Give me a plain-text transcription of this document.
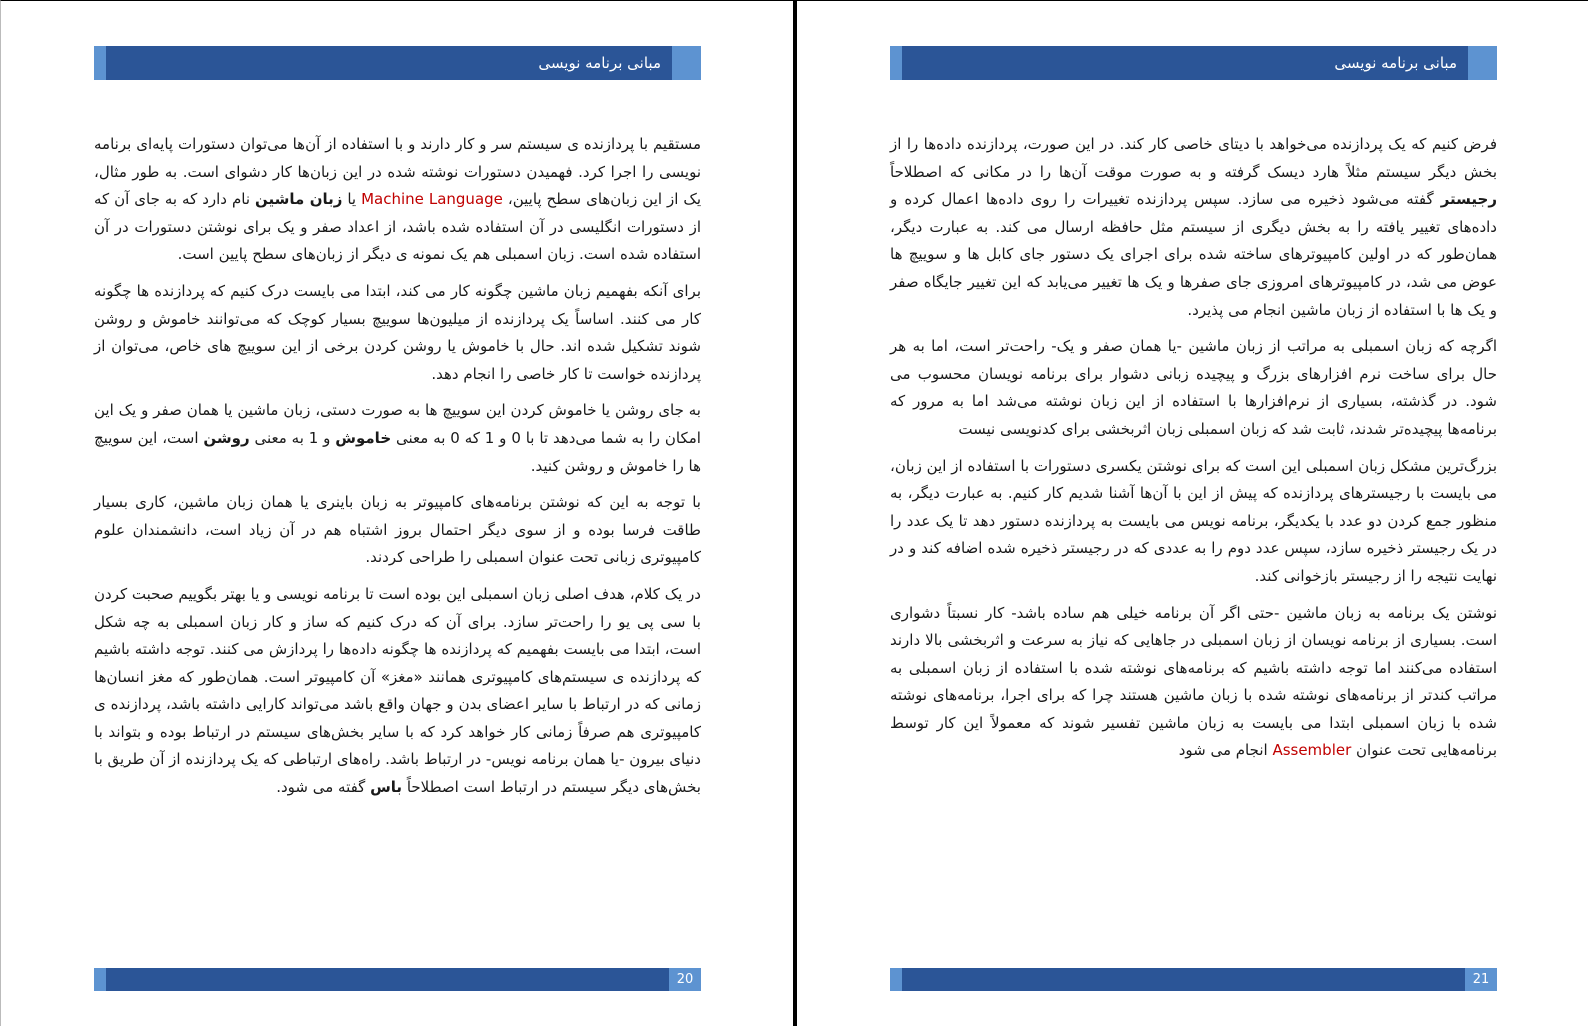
مبانی برنامه نویسی

مستقیم با پردازنده ی سیستم سر و کار دارند و با استفاده از آن‌ها می‌توان دستورات پایه‌ای برنامه نویسی را اجرا کرد. فهمیدن دستورات نوشته شده در این زبان‌ها کار دشوای است. به طور مثال، یک از این زبان‌های سطح پایین، Machine Language یا زبان ماشین نام دارد که به جای آن که از دستورات انگلیسی در آن استفاده شده باشد، از اعداد صفر و یک برای نوشتن دستورات در آن استفاده شده است. زبان اسمبلی هم یک نمونه ی دیگر از زبان‌های سطح پایین است.

برای آنکه بفهمیم زبان ماشین چگونه کار می کند، ابتدا می بایست درک کنیم که پردازنده ها چگونه کار می کنند. اساساً یک پردازنده از میلیون‌ها سوییچ بسیار کوچک که می‌توانند خاموش و روشن شوند تشکیل شده اند. حال با خاموش یا روشن کردن برخی از این سوییچ های خاص، می‌توان از پردازنده خواست تا کار خاصی را انجام دهد.

به جای روشن یا خاموش کردن این سوییچ ها به صورت دستی، زبان ماشین یا همان صفر و یک این امکان را به شما می‌دهد تا با 0 و 1 که 0 به معنی خاموش و 1 به معنی روشن است، این سوییچ ها را خاموش و روشن کنید.

با توجه به این که نوشتن برنامه‌های کامپیوتر به زبان باینری یا همان زبان ماشین، کاری بسیار طاقت فرسا بوده و از سوی دیگر احتمال بروز اشتباه هم در آن زیاد است، دانشمندان علوم کامپیوتری زبانی تحت عنوان اسمبلی را طراحی کردند.

در یک کلام، هدف اصلی زبان اسمبلی این بوده است تا برنامه نویسی و یا بهتر بگوییم صحبت کردن با سی پی یو را راحت‌تر سازد. برای آن که درک کنیم که ساز و کار زبان اسمبلی به چه شکل است، ابتدا می بایست بفهمیم که پردازنده ها چگونه داده‌ها را پردازش می کنند. توجه داشته باشیم که پردازنده ی سیستم‌های کامپیوتری همانند «مغز» آن کامپیوتر است. همان‌طور که مغز انسان‌ها زمانی که در ارتباط با سایر اعضای بدن و جهان واقع باشد می‌تواند کارایی داشته باشد، پردازنده ی کامپیوتری هم صرفاً زمانی کار خواهد کرد که با سایر بخش‌های سیستم در ارتباط بوده و بتواند با دنیای بیرون -یا همان برنامه نویس- در ارتباط باشد. راه‌های ارتباطی که یک پردازنده از آن طریق با بخش‌های دیگر سیستم در ارتباط است اصطلاحاً باس گفته می شود.

20
مبانی برنامه نویسی

فرض کنیم که یک پردازنده می‌خواهد با دیتای خاصی کار کند. در این صورت، پردازنده داده‌ها را از بخش دیگر سیستم مثلاً هارد دیسک گرفته و به صورت موقت آن‌ها را در مکانی که اصطلاحاً رجیستر گفته می‌شود ذخیره می سازد. سپس پردازنده تغییرات را روی داده‌ها اعمال کرده و داده‌های تغییر یافته را به بخش دیگری از سیستم مثل حافظه ارسال می کند. به عبارت دیگر، همان‌طور که در اولین کامپیوترهای ساخته شده برای اجرای یک دستور جای کابل ها و سوییچ ها عوض می شد، در کامپیوترهای امروزی جای صفرها و یک ها تغییر می‌یابد که این تغییر جایگاه صفر و یک ها با استفاده از زبان ماشین انجام می پذیرد.

اگرچه که زبان اسمبلی به مراتب از زبان ماشین -یا همان صفر و یک- راحت‌تر است، اما به هر حال برای ساخت نرم افزارهای بزرگ و پیچیده زبانی دشوار برای برنامه نویسان محسوب می شود. در گذشته، بسیاری از نرم‌افزارها با استفاده از این زبان نوشته می‌شد اما به مرور که برنامه‌ها پیچیده‌تر شدند، ثابت شد که زبان اسمبلی زبان اثربخشی برای کدنویسی نیست

بزرگ‌ترین مشکل زبان اسمبلی این است که برای نوشتن یکسری دستورات با استفاده از این زبان، می بایست با رجیسترهای پردازنده که پیش از این با آن‌ها آشنا شدیم کار کنیم. به عبارت دیگر، به منظور جمع کردن دو عدد با یکدیگر، برنامه نویس می بایست به پردازنده دستور دهد تا یک عدد را در یک رجیستر ذخیره سازد، سپس عدد دوم را به عددی که در رجیستر ذخیره شده اضافه کند و در نهایت نتیجه را از رجیستر بازخوانی کند.

نوشتن یک برنامه به زبان ماشین -حتی اگر آن برنامه خیلی هم ساده باشد- کار نسبتاً دشواری است. بسیاری از برنامه نویسان از زبان اسمبلی در جاهایی که نیاز به سرعت و اثربخشی بالا دارند استفاده می‌کنند اما توجه داشته باشیم که برنامه‌های نوشته شده با استفاده از زبان اسمبلی به مراتب کندتر از برنامه‌های نوشته شده با زبان ماشین هستند چرا که برای اجرا، برنامه‌های نوشته شده با زبان اسمبلی ابتدا می بایست به زبان ماشین تفسیر شوند که معمولاً این کار توسط برنامه‌هایی تحت عنوان Assembler انجام می شود

21
